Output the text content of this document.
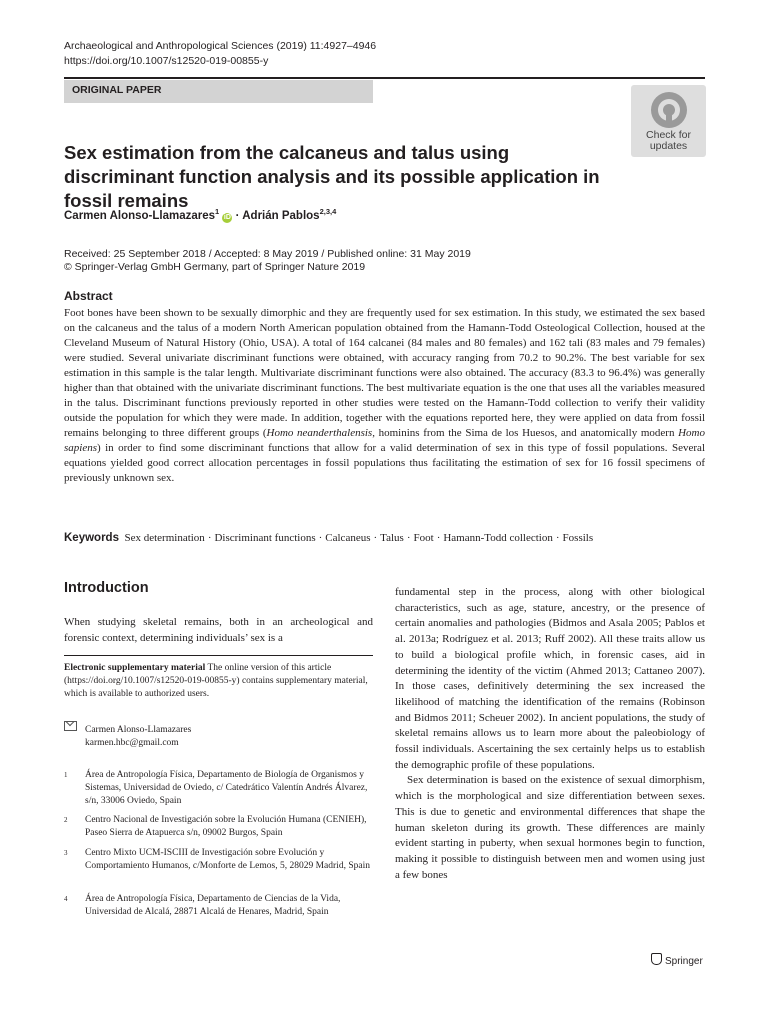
Archaeological and Anthropological Sciences (2019) 11:4927–4946
https://doi.org/10.1007/s12520-019-00855-y
ORIGINAL PAPER
Check for
updates
Sex estimation from the calcaneus and talus using discriminant function analysis and its possible application in fossil remains
Carmen Alonso-Llamazares$^1$ iD · Adrián Pablos$^{2,3,4}$
Received: 25 September 2018 / Accepted: 8 May 2019 / Published online: 31 May 2019
© Springer-Verlag GmbH Germany, part of Springer Nature 2019
Abstract
Foot bones have been shown to be sexually dimorphic and they are frequently used for sex estimation. In this study, we estimated the sex based on the calcaneus and the talus of a modern North American population obtained from the Hamann-Todd Osteological Collection, housed at the Cleveland Museum of Natural History (Ohio, USA). A total of 164 calcanei (84 males and 80 females) and 162 tali (83 males and 79 females) were studied. Several univariate discriminant functions were obtained, with accuracy ranging from 70.2 to 90.2%. The best variable for sex estimation in this sample is the talar length. Multivariate discriminant functions were also obtained. The accuracy (83.3 to 96.4%) was generally higher than that obtained with the univariate discriminant functions. The best multivariate equation is the one that uses all the variables measured in the talus. Discriminant functions previously reported in other studies were tested on the Hamann-Todd collection to verify their validity outside the population for which they were made. In addition, together with the equations reported here, they were applied on data from fossil remains belonging to three different groups (Homo neanderthalensis, hominins from the Sima de los Huesos, and anatomically modern Homo sapiens) in order to find some discriminant functions that allow for a valid determination of sex in this type of fossil populations. Several equations yielded good correct allocation percentages in fossil populations thus facilitating the estimation of sex for 16 fossil specimens of previously unknown sex.
Keywords Sex determination · Discriminant functions · Calcaneus · Talus · Foot · Hamann-Todd collection · Fossils
Introduction
When studying skeletal remains, both in an archeological and forensic context, determining individuals’ sex is a
Electronic supplementary material The online version of this article (https://doi.org/10.1007/s12520-019-00855-y) contains supplementary material, which is available to authorized users.
Carmen Alonso-Llamazares
karmen.hbc@gmail.com
1	Área de Antropología Física, Departamento de Biología de Organismos y Sistemas, Universidad de Oviedo, c/ Catedrático Valentín Andrés Álvarez, s/n, 33006 Oviedo, Spain
2	Centro Nacional de Investigación sobre la Evolución Humana (CENIEH), Paseo Sierra de Atapuerca s/n, 09002 Burgos, Spain
3	Centro Mixto UCM-ISCIII de Investigación sobre Evolución y Comportamiento Humanos, c/Monforte de Lemos, 5, 28029 Madrid, Spain
4	Área de Antropología Física, Departamento de Ciencias de la Vida, Universidad de Alcalá, 28871 Alcalá de Henares, Madrid, Spain

fundamental step in the process, along with other biological characteristics, such as age, stature, ancestry, or the presence of certain anomalies and pathologies (Bidmos and Asala 2005; Pablos et al. 2013a; Rodríguez et al. 2013; Ruff 2002). All these traits allow us to build a biological profile which, in forensic cases, aid in determining the identity of the victim (Ahmed 2013; Cattaneo 2007). In those cases, definitively determining the sex increased the likelihood of matching the identification of the remains (Robinson and Bidmos 2011; Scheuer 2002). In ancient populations, the study of skeletal remains allows us to learn more about the paleobiology of fossil individuals. Ascertaining the sex certainly helps us to establish the demographic profile of these populations.

Sex determination is based on the existence of sexual dimorphism, which is the morphological and size differentiation between sexes. This is due to genetic and environmental differences that shape the human skeleton during its growth. These differences are mainly evident starting in puberty, when sexual hormones begin to function, making it possible to distinguish between men and women using just a few bones

Springer
